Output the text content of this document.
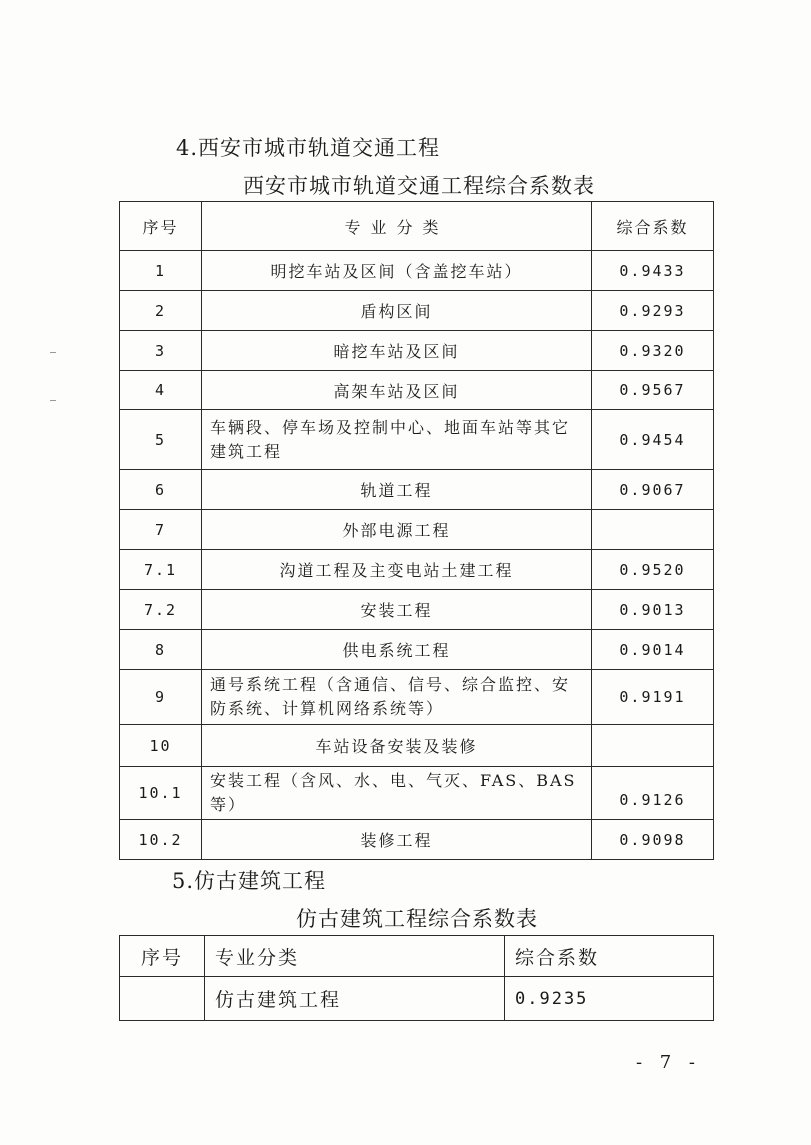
4.西安市城市轨道交通工程
西安市城市轨道交通工程综合系数表
序号	专业分类	综合系数
1	明挖车站及区间（含盖挖车站）	0.9433
2	盾构区间	0.9293
3	暗挖车站及区间	0.9320
4	高架车站及区间	0.9567
5	车辆段、停车场及控制中心、地面车站等其它建筑工程	0.9454
6	轨道工程	0.9067
7	外部电源工程	
7.1	沟道工程及主变电站土建工程	0.9520
7.2	安装工程	0.9013
8	供电系统工程	0.9014
9	通号系统工程（含通信、信号、综合监控、安防系统、计算机网络系统等）	0.9191
10	车站设备安装及装修	
10.1	安装工程（含风、水、电、气灭、FAS、BAS等）	0.9126
10.2	装修工程	0.9098
5.仿古建筑工程
仿古建筑工程综合系数表
序号	专业分类	综合系数
	仿古建筑工程	0.9235
- 7 -
